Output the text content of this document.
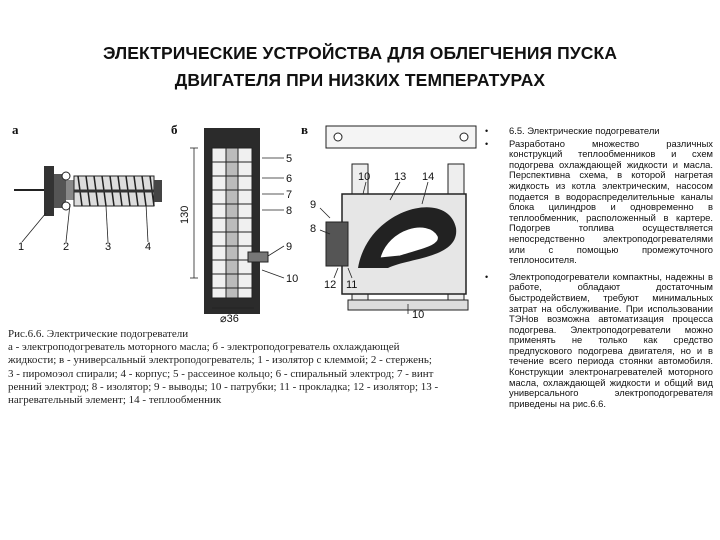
ЭЛЕКТРИЧЕСКИЕ УСТРОЙСТВА ДЛЯ ОБЛЕГЧЕНИЯ ПУСКА
ДВИГАТЕЛЯ ПРИ НИЗКИХ ТЕМПЕРАТУРАХ
а	б	в
1	2	3	4
130
⌀36
5
6
7
8
9
10
10 13 14
9
8
12 11
10
Рис.6.6. Электрические подогреватели
а - электроподогреватель моторного масла; б - электроподогреватель охлаждающей
жидкости; в - универсальный электроподогреватель; 1 - изолятор с клеммой; 2 - стержень;
3 - пиромоэол спирали; 4 - корпус; 5 - рассеиное кольцо; 6 - спиральный электрод; 7 - винт
ренний электрод; 8 - изолятор; 9 - выводы; 10 - патрубки; 11 - прокладка; 12 - изолятор; 13 -
нагревательный элемент; 14 - теплообменник
• 6.5. Электрические подогреватели
• Разработано множество различных конструкций теплообменников и схем подогрева охлаждающей жидкости и масла. Перспективна схема, в которой нагретая жидкость из котла электрическим, насосом подается в водораспределительные каналы блока цилиндров и одновременно в теплообменник, расположенный в картере. Подогрев топлива осуществляется непосредственно электроподогревателями или с помощью промежуточного теплоносителя.
• Электроподогреватели компактны, надежны в работе, обладают достаточным быстродействием, требуют минимальных затрат на обслуживание. При использовании ТЭНов возможна автоматизация процесса подогрева. Электроподогреватели можно применять не только как средство предпускового подогрева двигателя, но и в течение всего периода стоянки автомобиля. Конструкции электронагревателей моторного масла, охлаждающей жидкости и общий вид универсального электроподогревателя приведены на рис.6.6.
